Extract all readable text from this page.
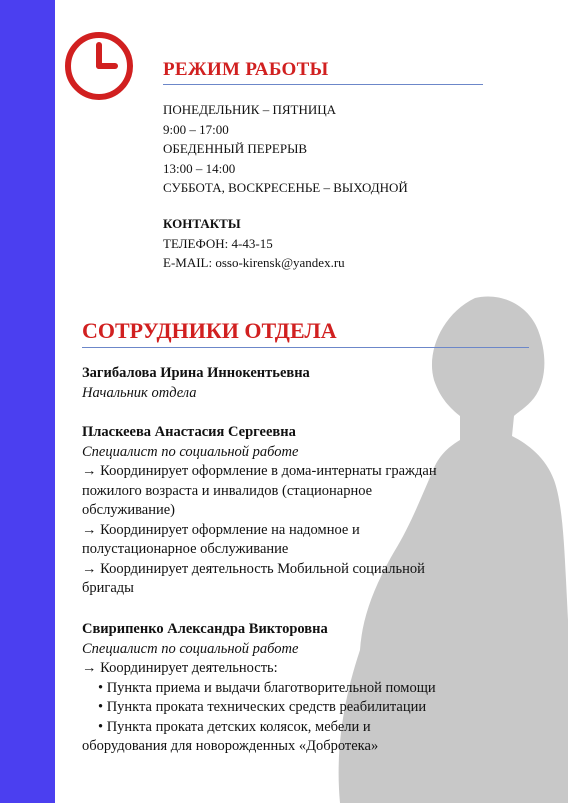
РЕЖИМ РАБОТЫ
ПОНЕДЕЛЬНИК – ПЯТНИЦА
9:00 – 17:00
ОБЕДЕННЫЙ ПЕРЕРЫВ
13:00 – 14:00
СУББОТА, ВОСКРЕСЕНЬЕ – ВЫХОДНОЙ
КОНТАКТЫ
ТЕЛЕФОН: 4-43-15
E-MAIL: osso-kirensk@yandex.ru
СОТРУДНИКИ ОТДЕЛА
Загибалова Ирина Иннокентьевна
Начальник отдела
Пласкеева Анастасия Сергеевна
Специалист по социальной работе
→ Координирует оформление в дома-интернаты граждан
пожилого возраста и инвалидов (стационарное
обслуживание)
→ Координирует оформление на надомное и
полустационарное обслуживание
→ Координирует деятельность Мобильной социальной
бригады
Свирипенко Александра Викторовна
Специалист по социальной работе
→ Координирует деятельность:
• Пункта приема и выдачи благотворительной помощи
• Пункта проката технических средств реабилитации
• Пункта проката детских колясок, мебели и
оборудования для новорожденных «Добротека»
